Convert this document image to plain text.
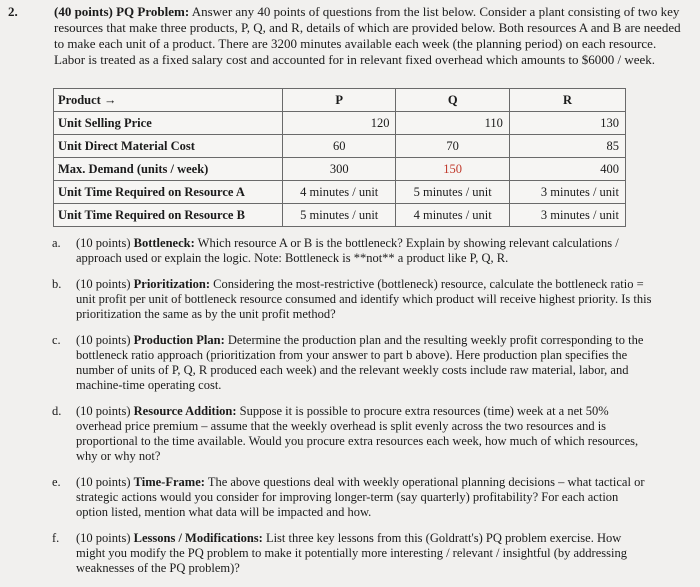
2.	(40 points) PQ Problem: Answer any 40 points of questions from the list below. Consider a plant consisting of two key resources that make three products, P, Q, and R, details of which are provided below. Both resources A and B are needed to make each unit of a product. There are 3200 minutes available each week (the planning period) on each resource. Labor is treated as a fixed salary cost and accounted for in relevant fixed overhead which amounts to $6000 / week.
Product →	P	Q	R
Unit Selling Price	120	110	130
Unit Direct Material Cost	60	70	85
Max. Demand (units / week)	300	150	400
Unit Time Required on Resource A	4 minutes / unit	5 minutes / unit	3 minutes / unit
Unit Time Required on Resource B	5 minutes / unit	4 minutes / unit	3 minutes / unit
a. (10 points) Bottleneck: Which resource A or B is the bottleneck? Explain by showing relevant calculations / approach used or explain the logic. Note: Bottleneck is **not** a product like P, Q, R.
b. (10 points) Prioritization: Considering the most-restrictive (bottleneck) resource, calculate the bottleneck ratio = unit profit per unit of bottleneck resource consumed and identify which product will receive highest priority. Is this prioritization the same as by the unit profit method?
c. (10 points) Production Plan: Determine the production plan and the resulting weekly profit corresponding to the bottleneck ratio approach (prioritization from your answer to part b above). Here production plan specifies the number of units of P, Q, R produced each week) and the relevant weekly costs include raw material, labor, and machine-time operating cost.
d. (10 points) Resource Addition: Suppose it is possible to procure extra resources (time) week at a net 50% overhead price premium – assume that the weekly overhead is split evenly across the two resources and is proportional to the time available. Would you procure extra resources each week, how much of which resources, why or why not?
e. (10 points) Time-Frame: The above questions deal with weekly operational planning decisions – what tactical or strategic actions would you consider for improving longer-term (say quarterly) profitability? For each action option listed, mention what data will be impacted and how.
f. (10 points) Lessons / Modifications: List three key lessons from this (Goldratt's) PQ problem exercise. How might you modify the PQ problem to make it potentially more interesting / relevant / insightful (by addressing weaknesses of the PQ problem)?
